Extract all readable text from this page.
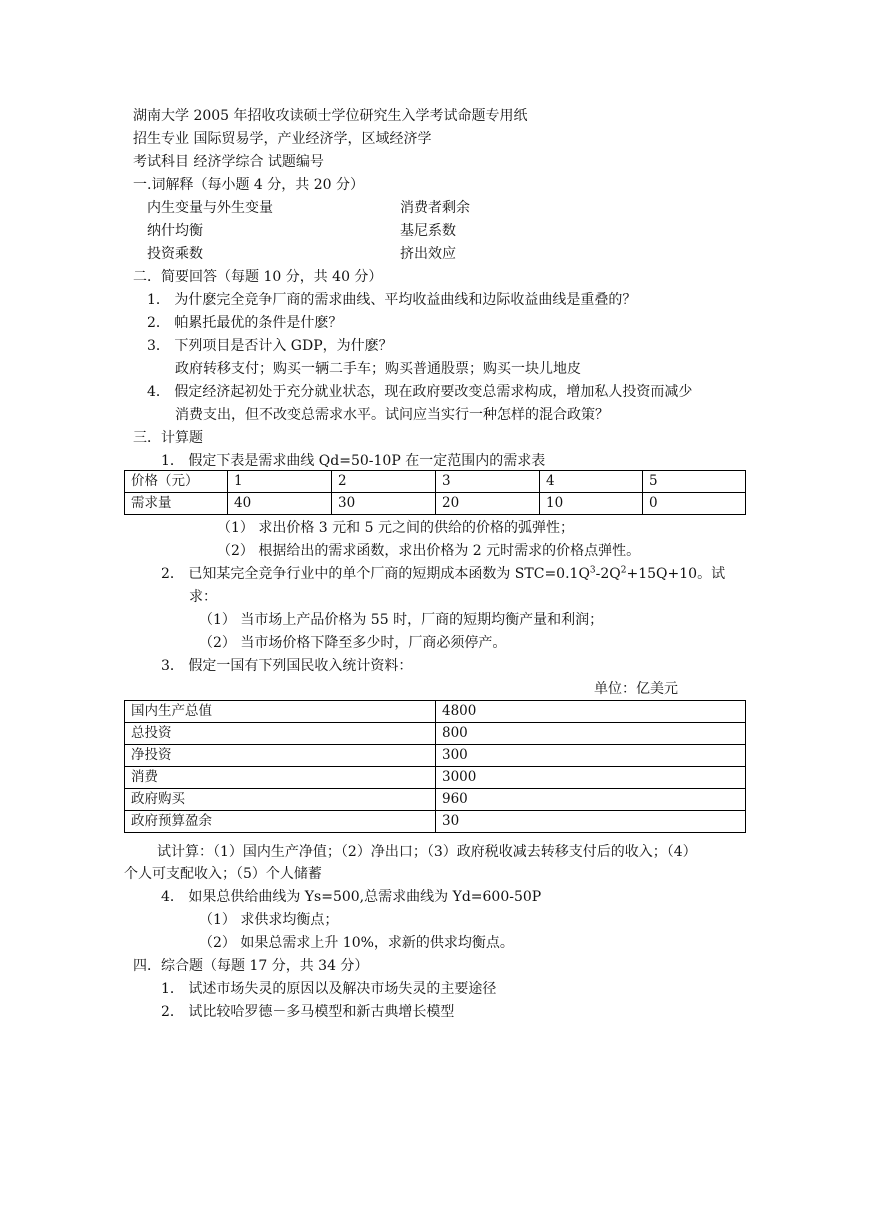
湖南大学 2005 年招收攻读硕士学位研究生入学考试命题专用纸
招生专业 国际贸易学，产业经济学，区域经济学
考试科目 经济学综合 试题编号
一.词解释（每小题 4 分，共 20 分）
内生变量与外生变量	消费者剩余
纳什均衡	基尼系数
投资乘数	挤出效应
二．简要回答（每题 10 分，共 40 分）
1． 为什麽完全竞争厂商的需求曲线、平均收益曲线和边际收益曲线是重叠的？
2． 帕累托最优的条件是什麽？
3． 下列项目是否计入 GDP，为什麽？
政府转移支付；购买一辆二手车；购买普通股票；购买一块儿地皮
4． 假定经济起初处于充分就业状态，现在政府要改变总需求构成，增加私人投资而减少
消费支出，但不改变总需求水平。试问应当实行一种怎样的混合政策？
三．计算题
1． 假定下表是需求曲线 Qd=50-10P 在一定范围内的需求表
价格（元）	1	2	3	4	5
需求量	40	30	20	10	0
（1） 求出价格 3 元和 5 元之间的供给的价格的弧弹性；
（2） 根据给出的需求函数，求出价格为 2 元时需求的价格点弹性。
2． 已知某完全竞争行业中的单个厂商的短期成本函数为 $STC=0.1Q^3-2Q^2+15Q+10$。试
求：
（1） 当市场上产品价格为 55 时，厂商的短期均衡产量和利润；
（2） 当市场价格下降至多少时，厂商必须停产。
3． 假定一国有下列国民收入统计资料：
单位：亿美元
国内生产总值	4800
总投资	800
净投资	300
消费	3000
政府购买	960
政府预算盈余	30
试计算：（1）国内生产净值；（2）净出口；（3）政府税收减去转移支付后的收入；（4）
个人可支配收入；（5）个人储蓄
4． 如果总供给曲线为 Ys=500,总需求曲线为 Yd=600-50P
（1） 求供求均衡点；
（2） 如果总需求上升 10%，求新的供求均衡点。
四．综合题（每题 17 分，共 34 分）
1． 试述市场失灵的原因以及解决市场失灵的主要途径
2． 试比较哈罗德－多马模型和新古典增长模型
